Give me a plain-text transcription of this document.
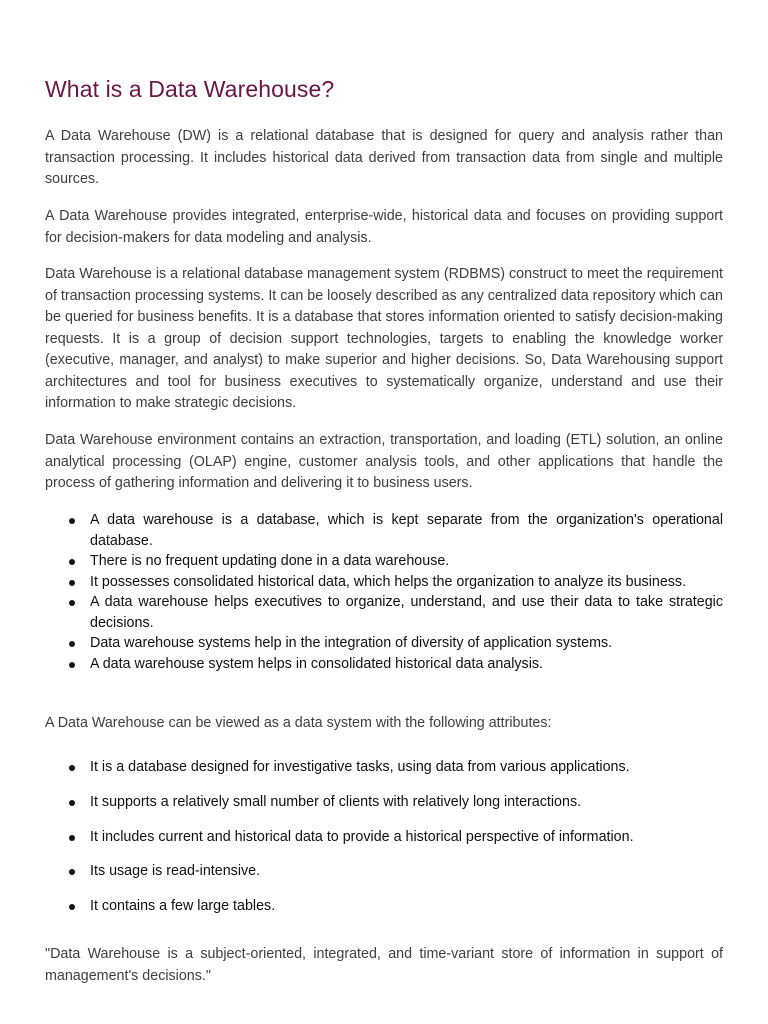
What is a Data Warehouse?

A Data Warehouse (DW) is a relational database that is designed for query and analysis rather than transaction processing. It includes historical data derived from transaction data from single and multiple sources.

A Data Warehouse provides integrated, enterprise-wide, historical data and focuses on providing support for decision-makers for data modeling and analysis.

Data Warehouse is a relational database management system (RDBMS) construct to meet the requirement of transaction processing systems. It can be loosely described as any centralized data repository which can be queried for business benefits. It is a database that stores information oriented to satisfy decision-making requests. It is a group of decision support technologies, targets to enabling the knowledge worker (executive, manager, and analyst) to make superior and higher decisions. So, Data Warehousing support architectures and tool for business executives to systematically organize, understand and use their information to make strategic decisions.

Data Warehouse environment contains an extraction, transportation, and loading (ETL) solution, an online analytical processing (OLAP) engine, customer analysis tools, and other applications that handle the process of gathering information and delivering it to business users.

A data warehouse is a database, which is kept separate from the organization's operational database.
There is no frequent updating done in a data warehouse.
It possesses consolidated historical data, which helps the organization to analyze its business.
A data warehouse helps executives to organize, understand, and use their data to take strategic decisions.
Data warehouse systems help in the integration of diversity of application systems.
A data warehouse system helps in consolidated historical data analysis.

A Data Warehouse can be viewed as a data system with the following attributes:

It is a database designed for investigative tasks, using data from various applications.
It supports a relatively small number of clients with relatively long interactions.
It includes current and historical data to provide a historical perspective of information.
Its usage is read-intensive.
It contains a few large tables.

"Data Warehouse is a subject-oriented, integrated, and time-variant store of information in support of management's decisions."
